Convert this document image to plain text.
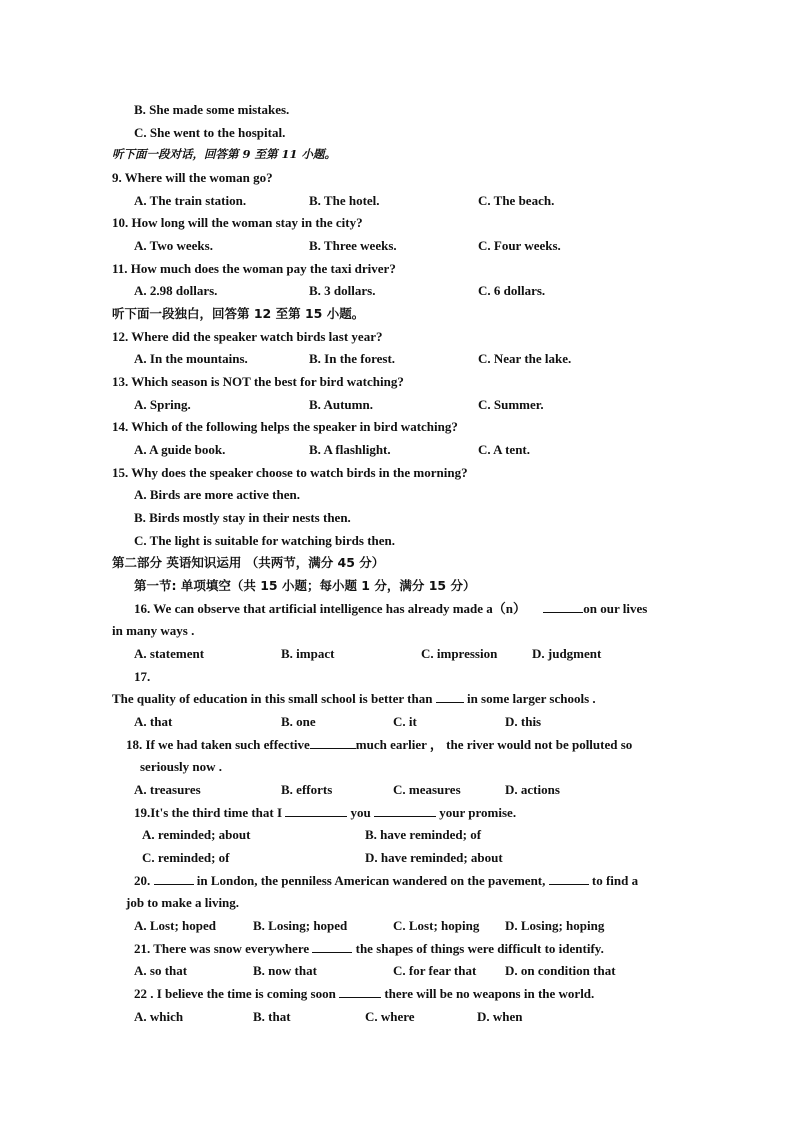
B. She made some mistakes.
C. She went to the hospital.
听下面一段对话，回答第 9 至第 11 小题。
9. Where will the woman go?
A. The train station.	B. The hotel.	C. The beach.
10. How long will the woman stay in the city?
A. Two weeks.	B. Three weeks.	C. Four weeks.
11. How much does the woman pay the taxi driver?
A. 2.98 dollars.	B. 3 dollars.	C. 6 dollars.
听下面一段独白，回答第 12 至第 15 小题。
12. Where did the speaker watch birds last year?
A. In the mountains.	B. In the forest.	C. Near the lake.
13. Which season is NOT the best for bird watching?
A. Spring.	B. Autumn.	C. Summer.
14. Which of the following helps the speaker in bird watching?
A. A guide book.	B. A flashlight.	C. A tent.
15. Why does the speaker choose to watch birds in the morning?
A. Birds are more active then.
B. Birds mostly stay in their nests then.
C. The light is suitable for watching birds then.
第二部分 英语知识运用 （共两节，满分 45 分）
第一节: 单项填空（共 15 小题；每小题 1 分，满分 15 分）
16. We can observe that artificial intelligence has already made a（n）	on our lives
in many ways .
A. statement	B. impact	C. impression	D. judgment
17.
The quality of education in this small school is better than	in some larger schools .
A. that	B. one	C. it	D. this
18. If we had taken such effective	much earlier ， the river would not be polluted so
seriously now .
A. treasures	B. efforts	C. measures	D. actions
19.It's the third time that I	you	your promise.
A. reminded; about	B. have reminded; of
C. reminded; of	D. have reminded; about
20.	in London, the penniless American wandered on the pavement,	to find a
job to make a living.
A. Lost; hoped	B. Losing; hoped	C. Lost; hoping D. Losing; hoping
21. There was snow everywhere	the shapes of things were difficult to identify.
A. so that	B. now that	C. for fear that D. on condition that
22 . I believe the time is coming soon	there will be no weapons in the world.
A. which	B. that	C. where	D. when
